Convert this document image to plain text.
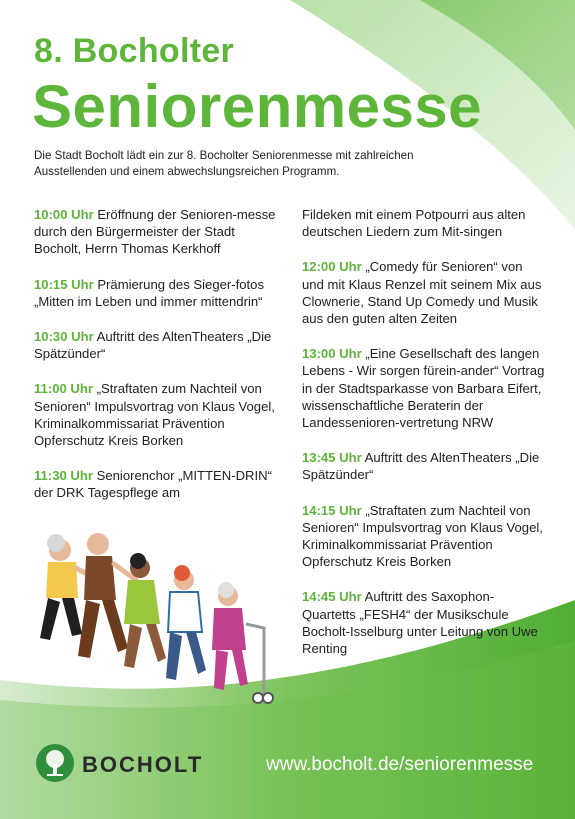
8. Bocholter
Seniorenmesse
Die Stadt Bocholt lädt ein zur 8. Bocholter Seniorenmesse mit zahlreichen Ausstellenden und einem abwechslungsreichen Programm.
10:00 Uhr Eröffnung der Senioren-messe durch den Bürgermeister der Stadt Bocholt, Herrn Thomas Kerkhoff
10:15 Uhr Prämierung des Sieger-fotos „Mitten im Leben und immer mittendrin“
10:30 Uhr Auftritt des AltenTheaters „Die Spätzünder“
11:00 Uhr „Straftaten zum Nachteil von Senioren“ Impulsvortrag von Klaus Vogel, Kriminalkommissariat Prävention Opferschutz Kreis Borken
11:30 Uhr Seniorenchor „MITTEN-DRIN“ der DRK Tagespflege am
Fildeken mit einem Potpourri aus alten deutschen Liedern zum Mit-singen
12:00 Uhr „Comedy für Senioren“ von und mit Klaus Renzel mit seinem Mix aus Clownerie, Stand Up Comedy und Musik aus den guten alten Zeiten
13:00 Uhr „Eine Gesellschaft des langen Lebens - Wir sorgen fürein-ander“ Vortrag in der Stadtsparkasse von Barbara Eifert, wissenschaftliche Beraterin der Landessenioren-vertretung NRW
13:45 Uhr Auftritt des AltenTheaters „Die Spätzünder“
14:15 Uhr „Straftaten zum Nachteil von Senioren“ Impulsvortrag von Klaus Vogel, Kriminalkommissariat Prävention Opferschutz Kreis Borken
14:45 Uhr Auftritt des Saxophon-Quartetts „FESH4“ der Musikschule Bocholt-Isselburg unter Leitung von Uwe Renting
BOCHOLT	www.bocholt.de/seniorenmesse
